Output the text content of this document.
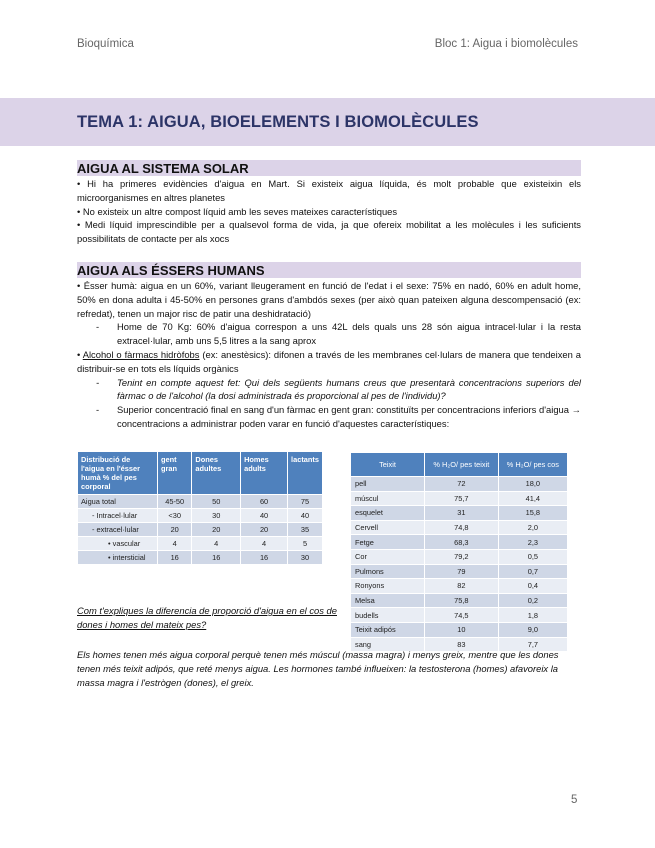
Bioquímica	Bloc 1: Aigua i biomolècules
TEMA 1: AIGUA, BIOELEMENTS I BIOMOLÈCULES
AIGUA AL SISTEMA SOLAR
• Hi ha primeres evidències d'aigua en Mart. Si existeix aigua líquida, és molt probable que existeixin els microorganismes en altres planetes
• No existeix un altre compost líquid amb les seves mateixes característiques
• Medi líquid imprescindible per a qualsevol forma de vida, ja que ofereix mobilitat a les molècules i les suficients possibilitats de contacte per als xocs
AIGUA ALS ÉSSERS HUMANS
• Ésser humà: aigua en un 60%, variant lleugerament en funció de l'edat i el sexe: 75% en nadó, 60% en adult home, 50% en dona adulta i 45-50% en persones grans d'ambdós sexes (per això quan pateixen alguna descompensació (ex: refredat), tenen un major risc de patir una deshidratació)
- Home de 70 Kg: 60% d'aigua correspon a uns 42L dels quals uns 28 són aigua intracel·lular i la resta extracel·lular, amb uns 5,5 litres a la sang aprox
• Alcohol o fàrmacs hidròfobs (ex: anestèsics): difonen a través de les membranes cel·lulars de manera que tendeixen a distribuir-se en tots els líquids orgànics
- Tenint en compte aquest fet: Qui dels següents humans creus que presentarà concentracions superiors del fàrmac o de l'alcohol (la dosi administrada és proporcional al pes de l'individu)?
- Superior concentració final en sang d'un fàrmac en gent gran: constituïts per concentracions inferiors d'aigua → concentracions a administrar poden varar en funció d'aquestes característiques:
Distribució de l'aigua en l'ésser humà % del pes corporal	gent gran	Dones adultes	Homes adults	lactants
Aigua total	45-50	50	60	75
- Intracel·lular	<30	30	40	40
- extracel·lular	20	20	20	35
• vascular	4	4	4	5
• intersticial	16	16	16	30
Teixit	% H₂O/ pes teixit	% H₂O/ pes cos
pell	72	18,0
múscul	75,7	41,4
esquelet	31	15,8
Cervell	74,8	2,0
Fetge	68,3	2,3
Cor	79,2	0,5
Pulmons	79	0,7
Ronyons	82	0,4
Melsa	75,8	0,2
budells	74,5	1,8
Teixit adipós	10	9,0
sang	83	7,7
Com t'expliques la diferencia de proporció d'aigua en el cos de dones i homes del mateix pes?
Els homes tenen més aigua corporal perquè tenen més múscul (massa magra) i menys greix, mentre que les dones tenen més teixit adipós, que reté menys aigua. Les hormones també influeixen: la testosterona (homes) afavoreix la massa magra i l'estrògen (dones), el greix.
5
